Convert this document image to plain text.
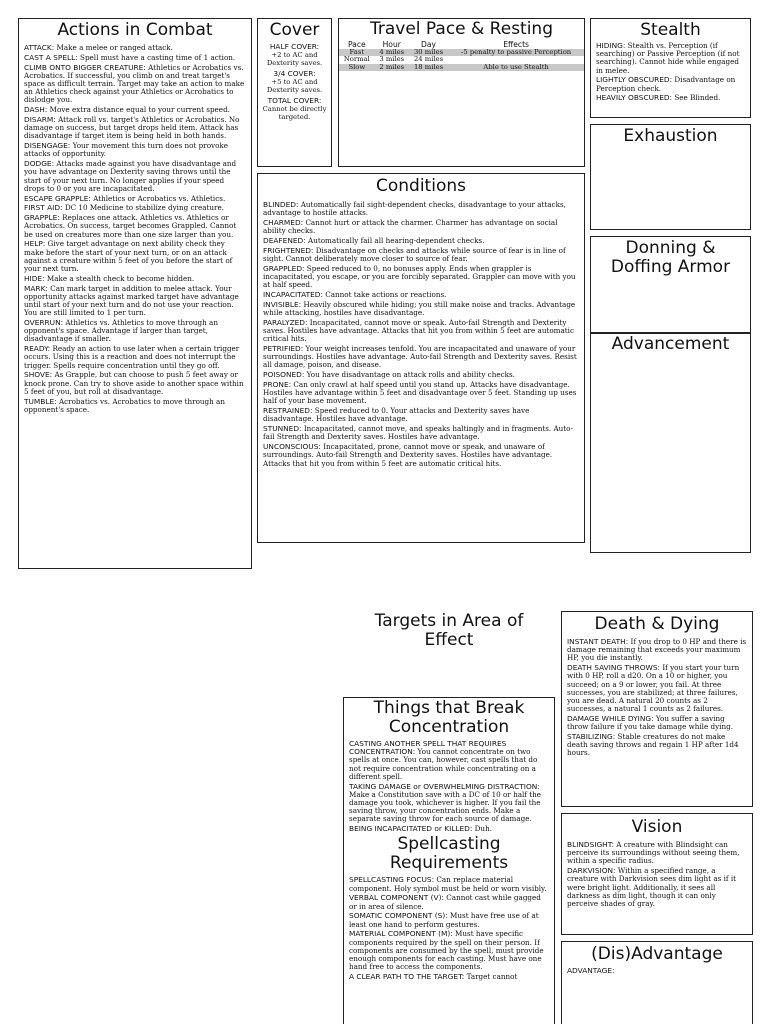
Actions in Combat

ATTACK: Make a melee or ranged attack.

CAST A SPELL: Spell must have a casting time of 1 action.

CLIMB ONTO BIGGER CREATURE: Athletics or Acrobatics vs. Acrobatics. If successful, you climb on and treat target's space as difficult terrain. Target may take an action to make an Athletics check against your Athletics or Acrobatics to dislodge you.

DASH: Move extra distance equal to your current speed.

DISARM: Attack roll vs. target's Athletics or Acrobatics. No damage on success, but target drops held item. Attack has disadvantage if target item is being held in both hands.

DISENGAGE: Your movement this turn does not provoke attacks of opportunity.

DODGE: Attacks made against you have disadvantage and you have advantage on Dexterity saving throws until the start of your next turn. No longer applies if your speed drops to 0 or you are incapacitated.

ESCAPE GRAPPLE: Athletics or Acrobatics vs. Athletics.

FIRST AID: DC 10 Medicine to stabilize dying creature.

GRAPPLE: Replaces one attack. Athletics vs. Athletics or Acrobatics. On success, target becomes Grappled. Cannot be used on creatures more than one size larger than you.

HELP: Give target advantage on next ability check they make before the start of your next turn, or on an attack against a creature within 5 feet of you before the start of your next turn.

HIDE: Make a stealth check to become hidden.

MARK: Can mark target in addition to melee attack. Your opportunity attacks against marked target have advantage until start of your next turn and do not use your reaction. You are still limited to 1 per turn.

OVERRUN: Athletics vs. Athletics to move through an opponent's space. Advantage if larger than target, disadvantage if smaller.

READY: Ready an action to use later when a certain trigger occurs. Using this is a reaction and does not interrupt the trigger. Spells require concentration until they go off.

SHOVE: As Grapple, but can choose to push 5 feet away or knock prone. Can try to shove aside to another space within 5 feet of you, but roll at disadvantage.

TUMBLE: Acrobatics vs. Acrobatics to move through an opponent's space.

Cover
HALF COVER:
+2 to AC and Dexterity saves.
3/4 COVER:
+5 to AC and Dexterity saves.
TOTAL COVER:
Cannot be directly targeted.
Travel Pace & Resting
Pace	Hour	Day	Effects
Fast	4 miles	30 miles	-5 penalty to passive Perception
Normal	3 miles	24 miles	
Slow	2 miles	18 miles	Able to use Stealth
Stealth

HIDING: Stealth vs. Perception (if searching) or Passive Perception (if not searching). Cannot hide while engaged in melee.

LIGHTLY OBSCURED: Disadvantage on Perception check.

HEAVILY OBSCURED: See Blinded.

Exhaustion
Donning & Doffing Armor
Advancement
Conditions

BLINDED: Automatically fail sight-dependent checks, disadvantage to your attacks, advantage to hostile attacks.

CHARMED: Cannot hurt or attack the charmer. Charmer has advantage on social ability checks.

DEAFENED: Automatically fail all hearing-dependent checks.

FRIGHTENED: Disadvantage on checks and attacks while source of fear is in line of sight. Cannot deliberately move closer to source of fear.

GRAPPLED: Speed reduced to 0, no bonuses apply. Ends when grappler is incapacitated, you escape, or you are forcibly separated. Grappler can move with you at half speed.

INCAPACITATED: Cannot take actions or reactions.

INVISIBLE: Heavily obscured while hiding; you still make noise and tracks. Advantage while attacking, hostiles have disadvantage.

PARALYZED: Incapacitated, cannot move or speak. Auto-fail Strength and Dexterity saves. Hostiles have advantage. Attacks that hit you from within 5 feet are automatic critical hits.

PETRIFIED: Your weight increases tenfold. You are incapacitated and unaware of your surroundings. Hostiles have advantage. Auto-fail Strength and Dexterity saves. Resist all damage, poison, and disease.

POISONED: You have disadvantage on attack rolls and ability checks.

PRONE: Can only crawl at half speed until you stand up. Attacks have disadvantage. Hostiles have advantage within 5 feet and disadvantage over 5 feet. Standing up uses half of your base movement.

RESTRAINED: Speed reduced to 0. Your attacks and Dexterity saves have disadvantage. Hostiles have advantage.

STUNNED: Incapacitated, cannot move, and speaks haltingly and in fragments. Auto-fail Strength and Dexterity saves. Hostiles have advantage.

UNCONSCIOUS: Incapacitated, prone, cannot move or speak, and unaware of surroundings. Auto-fail Strength and Dexterity saves. Hostiles have advantage. Attacks that hit you from within 5 feet are automatic critical hits.

Targets in Area of Effect
Things that Break Concentration

CASTING ANOTHER SPELL THAT REQUIRES CONCENTRATION: You cannot concentrate on two spells at once. You can, however, cast spells that do not require concentration while concentrating on a different spell.

TAKING DAMAGE or OVERWHELMING DISTRACTION: Make a Constitution save with a DC of 10 or half the damage you took, whichever is higher. If you fail the saving throw, your concentration ends. Make a separate saving throw for each source of damage.

BEING INCAPACITATED or KILLED: Duh.

Spellcasting Requirements

SPELLCASTING FOCUS: Can replace material component. Holy symbol must be held or worn visibly.

VERBAL COMPONENT (V): Cannot cast while gagged or in area of silence.

SOMATIC COMPONENT (S): Must have free use of at least one hand to perform gestures.

MATERIAL COMPONENT (M): Must have specific components required by the spell on their person. If components are consumed by the spell, must provide enough components for each casting. Must have one hand free to access the components.

A CLEAR PATH TO THE TARGET: Target cannot

Death & Dying

INSTANT DEATH: If you drop to 0 HP and there is damage remaining that exceeds your maximum HP, you die instantly.

DEATH SAVING THROWS: If you start your turn with 0 HP, roll a d20. On a 10 or higher, you succeed; on a 9 or lower, you fail. At three successes, you are stabilized; at three failures, you are dead. A natural 20 counts as 2 successes, a natural 1 counts as 2 failures.

DAMAGE WHILE DYING: You suffer a saving throw failure if you take damage while dying.

STABILIZING: Stable creatures do not make death saving throws and regain 1 HP after 1d4 hours.

Vision

BLINDSIGHT: A creature with Blindsight can perceive its surroundings without seeing them, within a specific radius.

DARKVISION: Within a specified range, a creature with Darkvision sees dim light as if it were bright light. Additionally, it sees all darkness as dim light, though it can only perceive shades of gray.

(Dis)Advantage
ADVANTAGE:
